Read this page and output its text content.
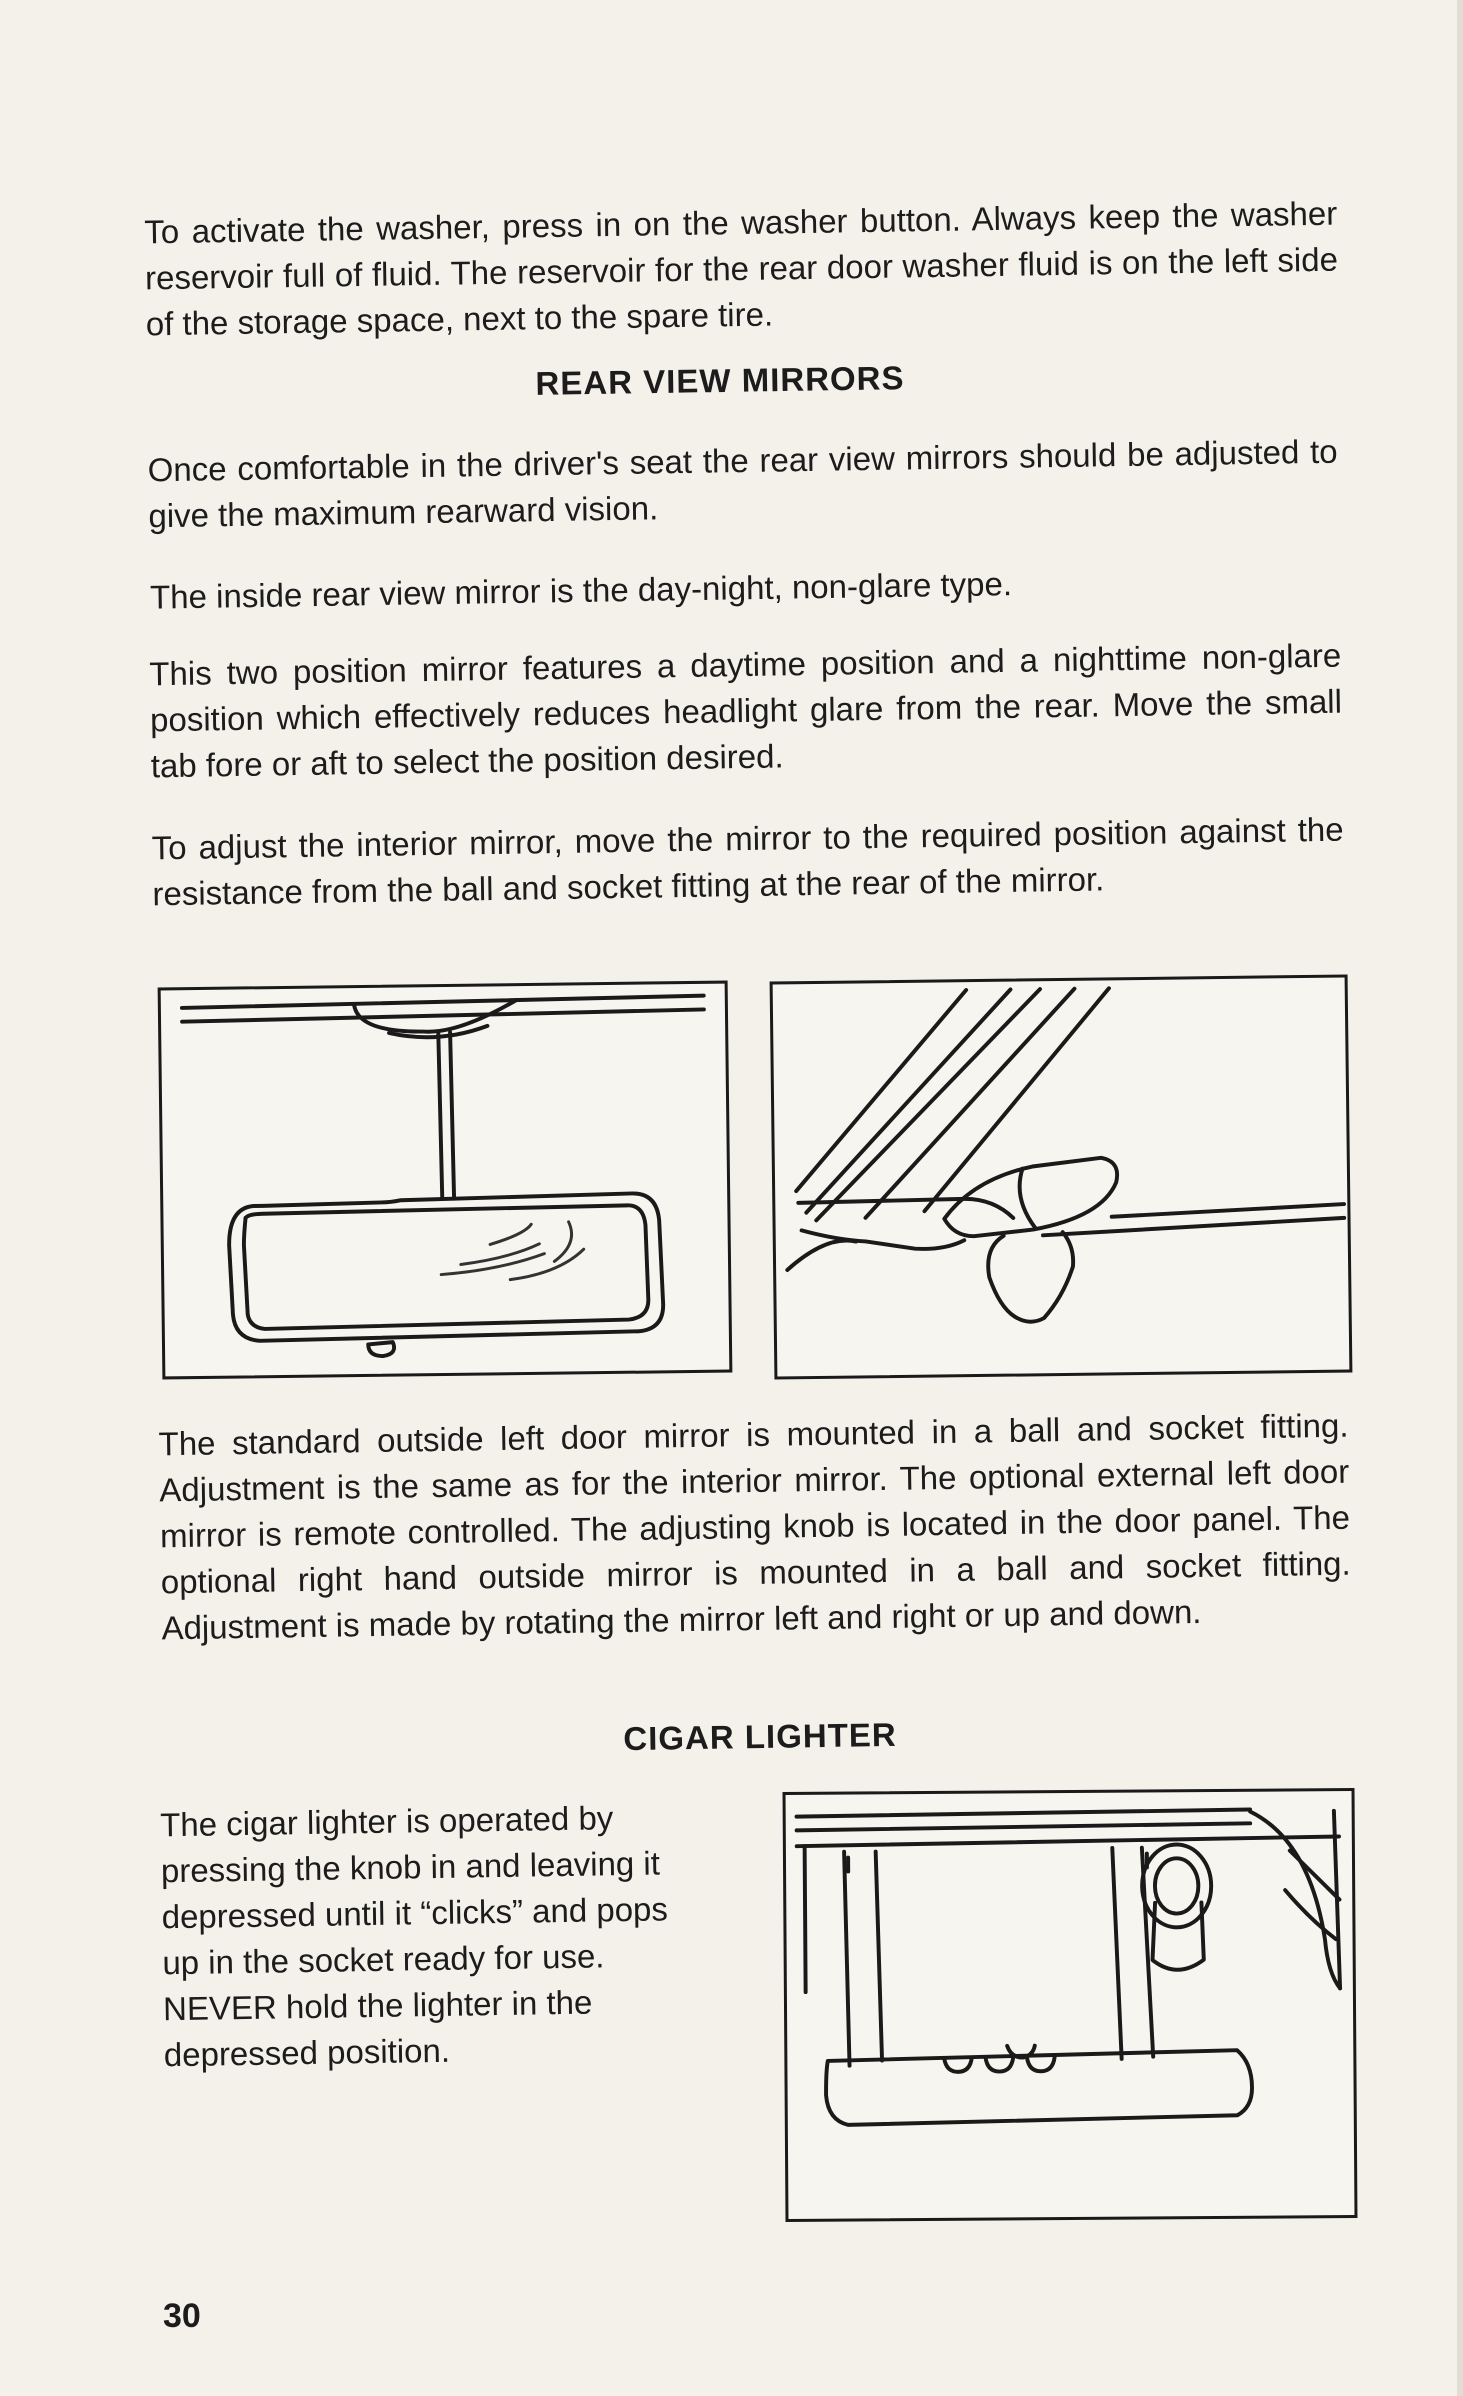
To activate the washer, press in on the washer button. Always keep the washer reservoir full of fluid. The reservoir for the rear door washer fluid is on the left side of the storage space, next to the spare tire.

REAR VIEW MIRRORS

Once comfortable in the driver's seat the rear view mirrors should be adjusted to give the maximum rearward vision.

The inside rear view mirror is the day-night, non-glare type.

This two position mirror features a daytime position and a nighttime non-glare position which effectively reduces headlight glare from the rear. Move the small tab fore or aft to select the position desired.

To adjust the interior mirror, move the mirror to the required position against the resistance from the ball and socket fitting at the rear of the mirror.

The standard outside left door mirror is mounted in a ball and socket fitting. Adjustment is the same as for the interior mirror. The optional external left door mirror is remote controlled. The adjusting knob is located in the door panel. The optional right hand outside mirror is mounted in a ball and socket fitting. Adjustment is made by rotating the mirror left and right or up and down.

CIGAR LIGHTER

The cigar lighter is operated by pressing the knob in and leaving it depressed until it “clicks” and pops up in the socket ready for use. NEVER hold the lighter in the depressed position.

30
